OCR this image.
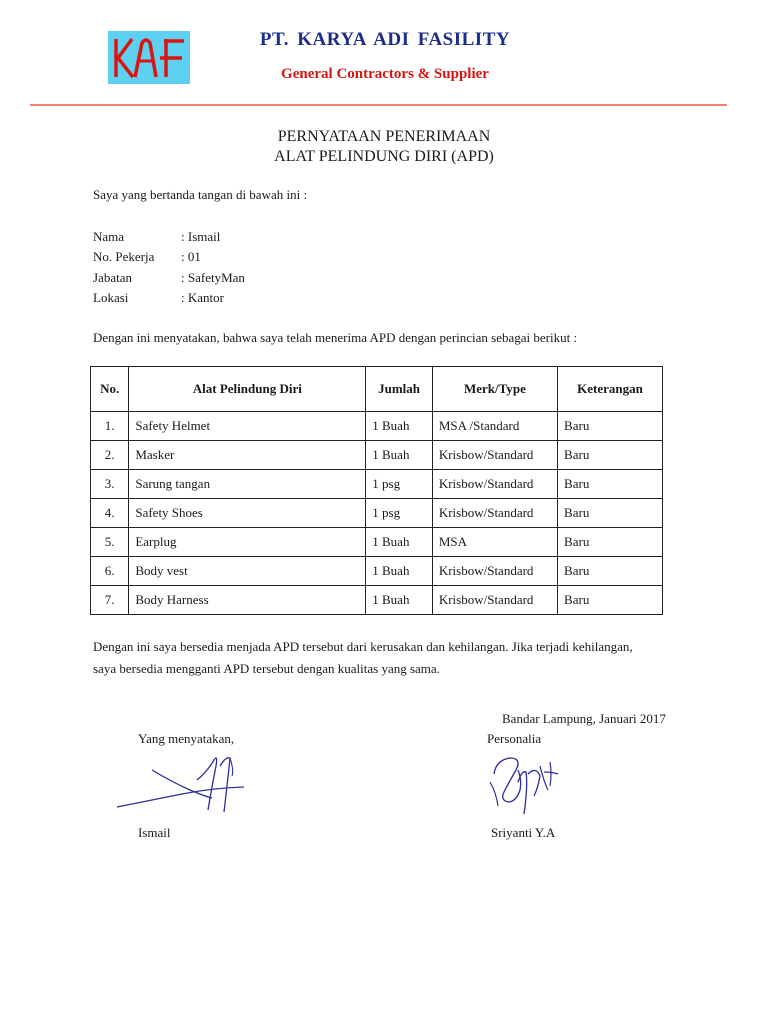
PT. KARYA ADI FASILITY
General Contractors & Supplier
PERNYATAAN PENERIMAAN
ALAT PELINDUNG DIRI (APD)
Saya yang bertanda tangan di bawah ini :
Nama	: Ismail
No. Pekerja : 01
Jabatan	: SafetyMan
Lokasi	: Kantor
Dengan ini menyatakan, bahwa saya telah menerima APD dengan perincian sebagai berikut :
No.	Alat Pelindung Diri	Jumlah	Merk/Type	Keterangan
1.	Safety Helmet	1 Buah	MSA /Standard	Baru
2.	Masker	1 Buah	Krisbow/Standard	Baru
3.	Sarung tangan	1 psg	Krisbow/Standard	Baru
4.	Safety Shoes	1 psg	Krisbow/Standard	Baru
5.	Earplug	1 Buah	MSA	Baru
6.	Body vest	1 Buah	Krisbow/Standard	Baru
7.	Body Harness	1 Buah	Krisbow/Standard	Baru
Dengan ini saya bersedia menjada APD tersebut dari kerusakan dan kehilangan. Jika terjadi kehilangan,
saya bersedia mengganti APD tersebut dengan kualitas yang sama.
Bandar Lampung, Januari 2017
Yang menyatakan,	Personalia
Ismail	Sriyanti Y.A
